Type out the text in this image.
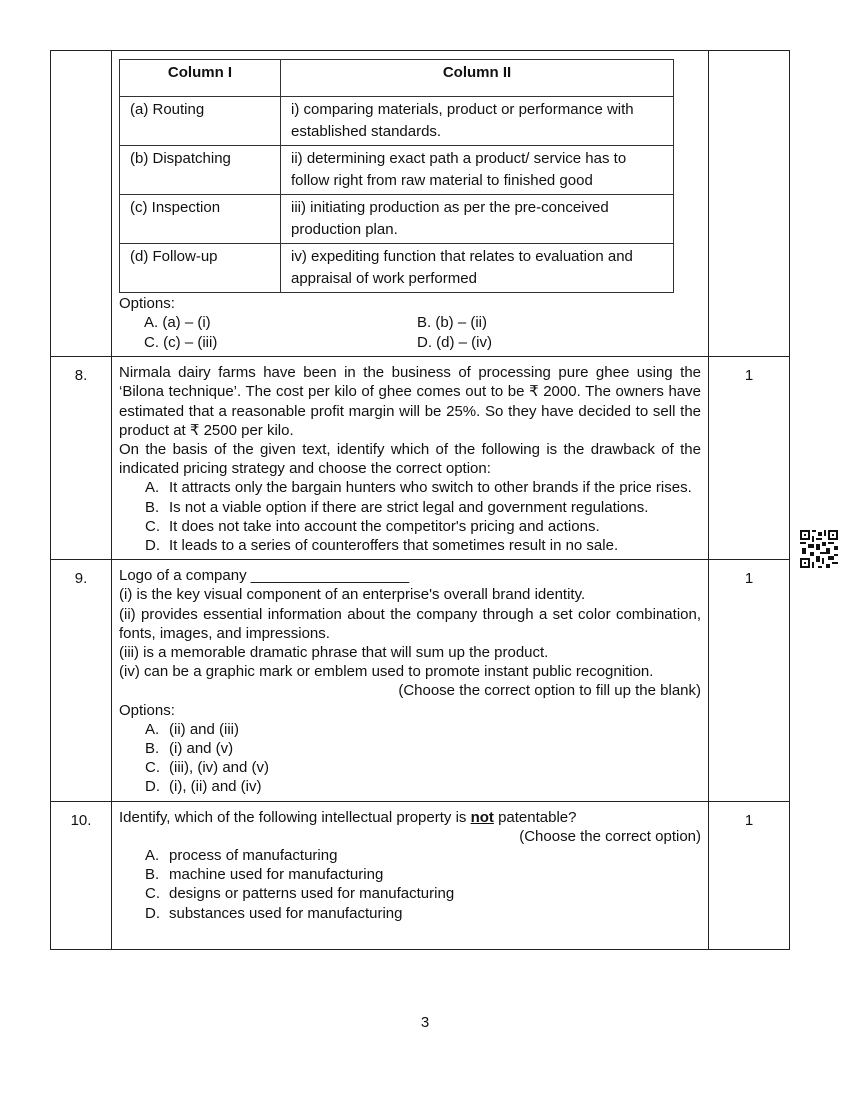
Column I	Column II
(a) Routing	i) comparing materials, product or performance with established standards.
(b) Dispatching	ii) determining exact path a product/ service has to follow right from raw material to finished good
(c) Inspection	iii) initiating production as per the pre-conceived production plan.
(d) Follow-up	iv) expediting function that relates to evaluation and appraisal of work performed
Options:
A. (a) – (i)	B. (b) – (ii)
C. (c) – (iii)	D. (d) – (iv)

8.	Nirmala dairy farms have been in the business of processing pure ghee using the ‘Bilona technique’. The cost per kilo of ghee comes out to be ₹ 2000. The owners have estimated that a reasonable profit margin will be 25%. So they have decided to sell the product at ₹ 2500 per kilo.
On the basis of the given text, identify which of the following is the drawback of the indicated pricing strategy and choose the correct option:
A. It attracts only the bargain hunters who switch to other brands if the price rises.
B. Is not a viable option if there are strict legal and government regulations.
C. It does not take into account the competitor's pricing and actions.
D. It leads to a series of counteroffers that sometimes result in no sale.
	1
9.	Logo of a company ___________________
(i) is the key visual component of an enterprise's overall brand identity.
(ii) provides essential information about the company through a set color combination, fonts, images, and impressions.
(iii) is a memorable dramatic phrase that will sum up the product.
(iv) can be a graphic mark or emblem used to promote instant public recognition.
(Choose the correct option to fill up the blank)
Options:
A. (ii) and (iii)
B. (i) and (v)
C. (iii), (iv) and (v)
D. (i), (ii) and (iv)
	1
10.	Identify, which of the following intellectual property is not patentable?
(Choose the correct option)
A. process of manufacturing
B. machine used for manufacturing
C. designs or patterns used for manufacturing
D. substances used for manufacturing
	1
3
